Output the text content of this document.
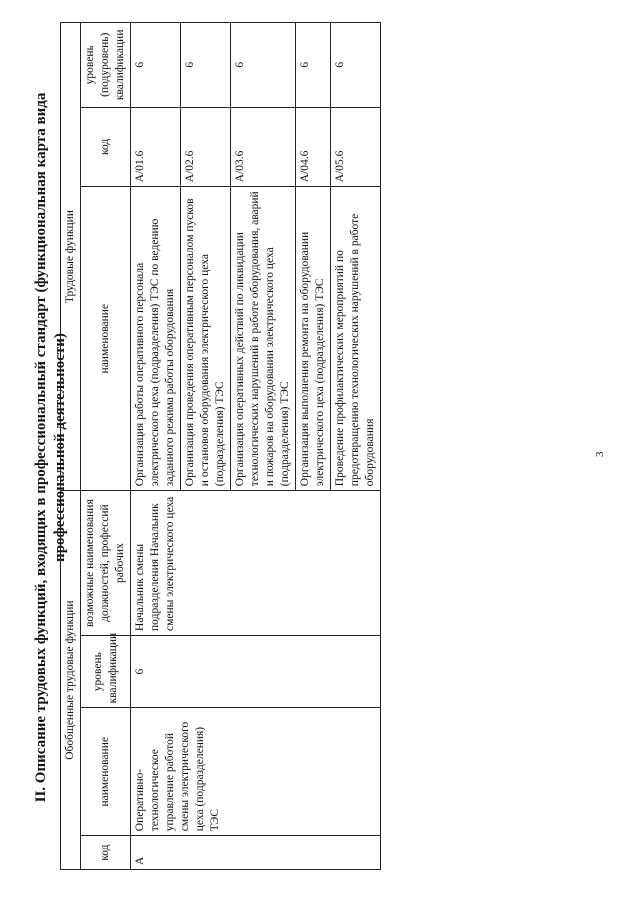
3
II. Описание трудовых функций, входящих в профессиональный стандарт (функциональная карта вида профессиональной деятельности)
Обобщенные трудовые функции				Трудовые функции		
код	наименование	уровень квалификации	возможные наименования должностей, профессий рабочих	наименование	код	уровень (подуровень) квалификации
A	Оперативно-технологическое управление работой смены электрического цеха (подразделения) ТЭС	6	Начальник смены подразделения Начальник смены электрического цеха	Организация работы оперативного персонала электрического цеха (подразделения) ТЭС по ведению заданного режима работы оборудования	A/01.6	6
				Организация проведения оперативным персоналом пусков и остановов оборудования электрического цеха (подразделения) ТЭС	A/02.6	6
				Организация оперативных действий по ликвидации технологических нарушений в работе оборудования, аварий и пожаров на оборудовании электрического цеха (подразделения) ТЭС	A/03.6	6
				Организация выполнения ремонта на оборудовании электрического цеха (подразделения) ТЭС	A/04.6	6
				Проведение профилактических мероприятий по предотвращению технологических нарушений в работе оборудования	A/05.6	6
